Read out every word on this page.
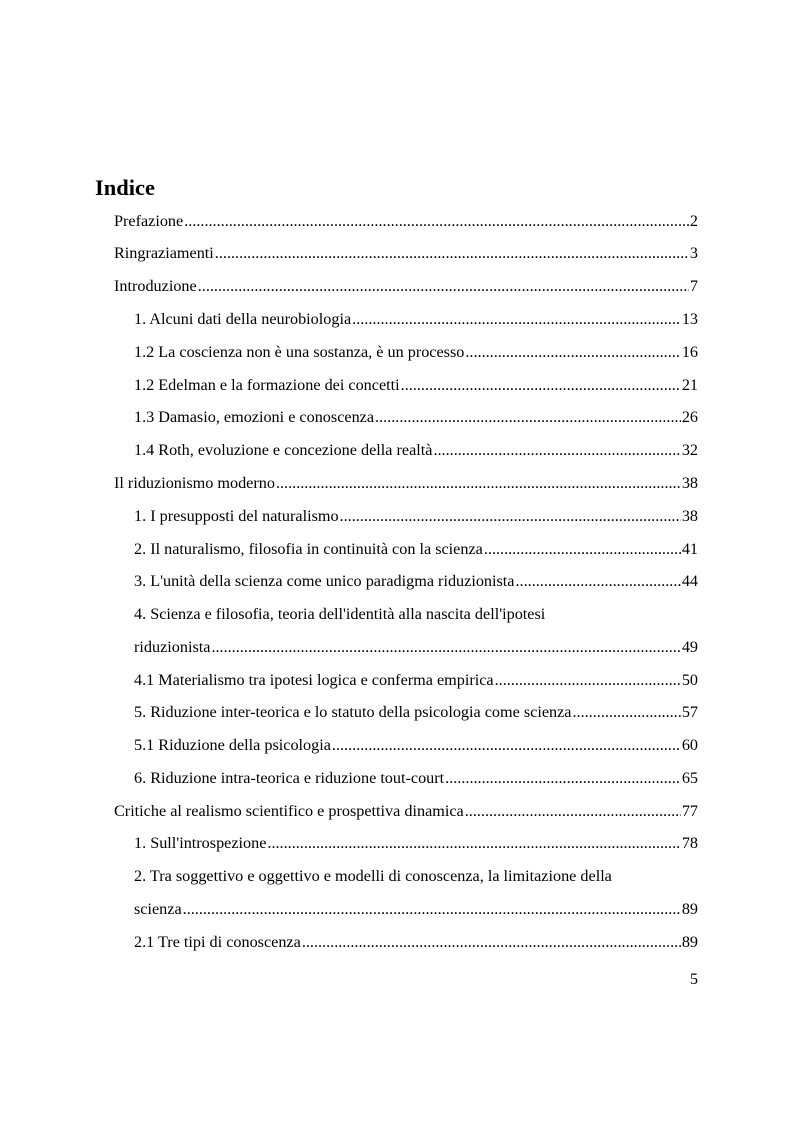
Indice
Prefazione .....	2
Ringraziamenti .....	3
Introduzione .....	7
1. Alcuni dati della neurobiologia .....	13
1.2 La coscienza non è una sostanza, è un processo .....	16
1.2 Edelman e la formazione dei concetti .....	21
1.3 Damasio, emozioni e conoscenza .....	26
1.4 Roth, evoluzione e concezione della realtà .....	32
Il riduzionismo moderno .....	38
1. I presupposti del naturalismo .....	38
2. Il naturalismo, filosofia in continuità con la scienza .....	41
3. L'unità della scienza come unico paradigma riduzionista .....	44
4. Scienza e filosofia, teoria dell'identità alla nascita dell'ipotesi
riduzionista .....	49
4.1 Materialismo tra ipotesi logica e conferma empirica .....	50
5. Riduzione inter-teorica e lo statuto della psicologia come scienza .....	57
5.1 Riduzione della psicologia .....	60
6. Riduzione intra-teorica e riduzione tout-court .....	65
Critiche al realismo scientifico e prospettiva dinamica .....	77
1. Sull'introspezione .....	78
2. Tra soggettivo e oggettivo e modelli di conoscenza, la limitazione della
scienza .....	89
2.1 Tre tipi di conoscenza .....	89
5
